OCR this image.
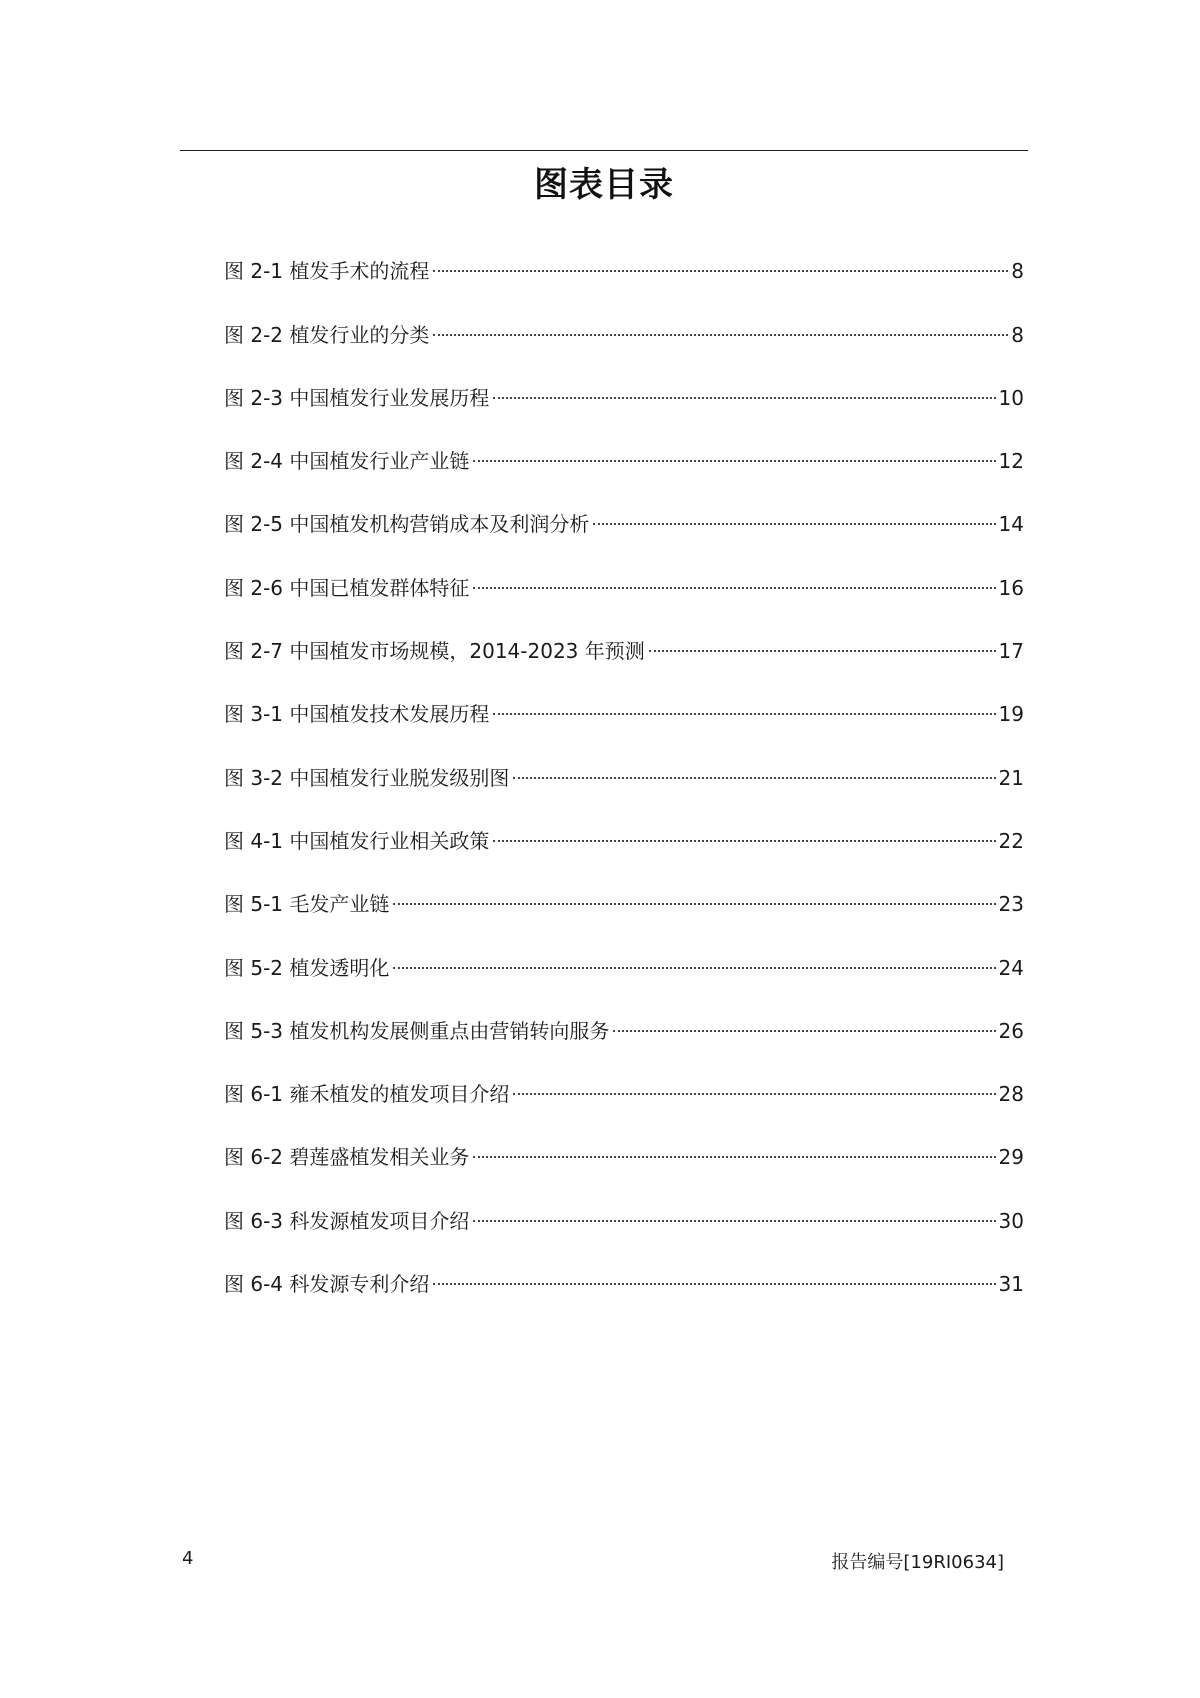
图表目录
图 2-1 植发手术的流程	8
图 2-2 植发行业的分类	8
图 2-3 中国植发行业发展历程	10
图 2-4 中国植发行业产业链	12
图 2-5 中国植发机构营销成本及利润分析	14
图 2-6 中国已植发群体特征	16
图 2-7 中国植发市场规模，2014-2023 年预测	17
图 3-1 中国植发技术发展历程	19
图 3-2 中国植发行业脱发级别图	21
图 4-1 中国植发行业相关政策	22
图 5-1 毛发产业链	23
图 5-2 植发透明化	24
图 5-3 植发机构发展侧重点由营销转向服务	26
图 6-1 雍禾植发的植发项目介绍	28
图 6-2 碧莲盛植发相关业务	29
图 6-3 科发源植发项目介绍	30
图 6-4 科发源专利介绍	31
4	报告编号[19RI0634]
